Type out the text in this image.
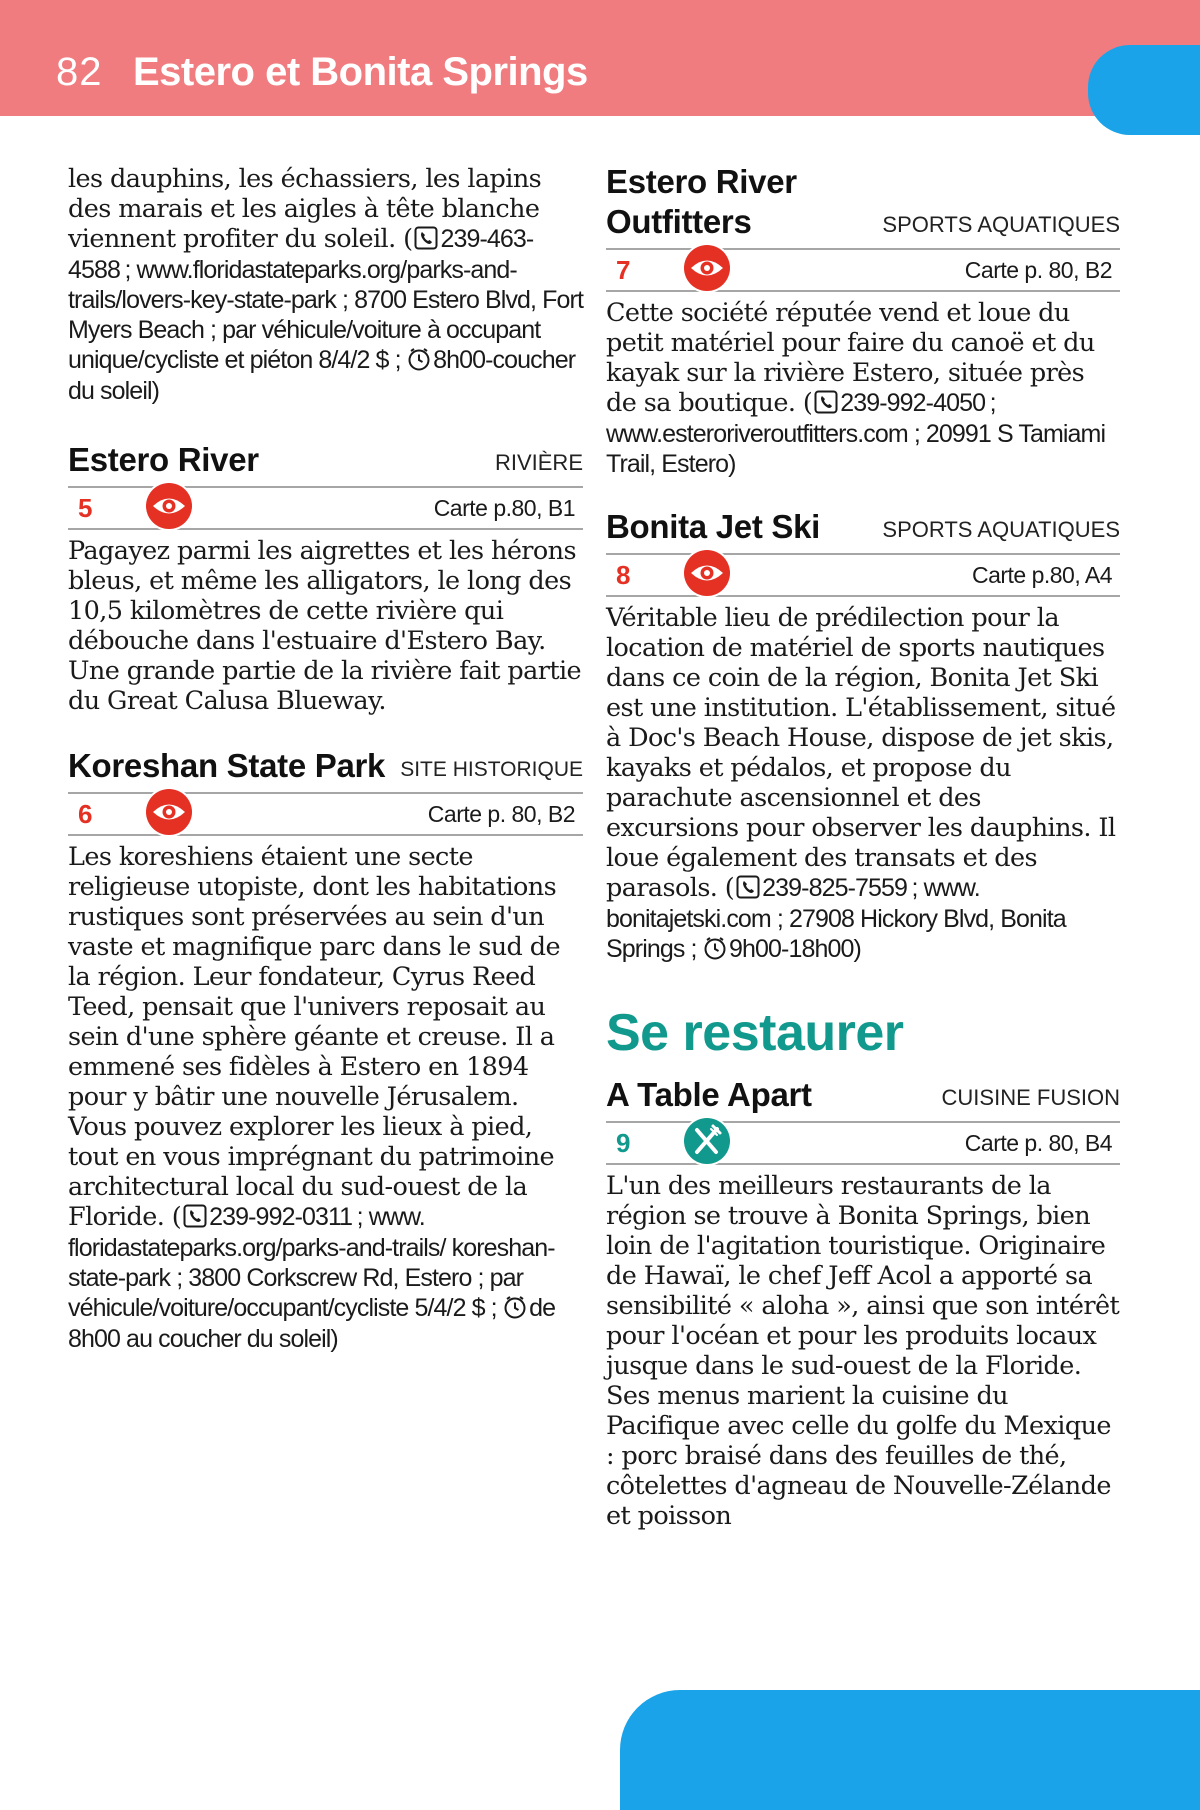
82 Estero et Bonita Springs

les dauphins, les échassiers, les lapins des marais et les aigles à tête blanche viennent profiter du soleil.

( 239-463-4588 ; www.floridastateparks.org/parks-and-trails/lovers-key-state-park ; 8700 Estero Blvd, Fort Myers Beach ; par véhicule/voiture à occupant unique/cycliste et piéton 8/4/2 $ ; 8h00-coucher du soleil)
Estero River	RIVIÈRE
5	Carte p.80, B1

Pagayez parmi les aigrettes et les hérons bleus, et même les alligators, le long des 10,5 kilomètres de cette rivière qui débouche dans l'estuaire d'Estero Bay. Une grande partie de la rivière fait partie du Great Calusa Blueway.

Koreshan State Park SITE HISTORIQUE
6	Carte p. 80, B2
Les koreshiens étaient une secte religieuse utopiste, dont les habitations rustiques sont préservées au sein d'un vaste et magnifique parc dans le sud de la région. Leur fondateur, Cyrus Reed Teed, pensait que l'univers reposait au sein d'une sphère géante et creuse. Il a emmené ses fidèles à Estero en 1894 pour y bâtir une nouvelle Jérusalem. Vous pouvez explorer les lieux à pied, tout en vous imprégnant du patrimoine architectural local du sud-ouest de la Floride. ( 239-992-0311 ; www. floridastateparks.org/parks-and-trails/ koreshan-state-park ; 3800 Corkscrew Rd, Estero ; par véhicule/voiture/occupant/cycliste 5/4/2 $ ; de 8h00 au coucher du soleil)
Estero River
Outfitters	SPORTS AQUATIQUES
7	Carte p. 80, B2
Cette société réputée vend et loue du petit matériel pour faire du canoë et du kayak sur la rivière Estero, située près de sa boutique. ( 239-992-4050 ; www.esteroriveroutfitters.com ; 20991 S Tamiami Trail, Estero)
Bonita Jet Ski	SPORTS AQUATIQUES
8	Carte p.80, A4
Véritable lieu de prédilection pour la location de matériel de sports nautiques dans ce coin de la région, Bonita Jet Ski est une institution. L'établissement, situé à Doc's Beach House, dispose de jet skis, kayaks et pédalos, et propose du parachute ascensionnel et des excursions pour observer les dauphins. Il loue également des transats et des parasols. ( 239-825-7559 ; www. bonitajetski.com ; 27908 Hickory Blvd, Bonita Springs ; 9h00-18h00)
Se restaurer
A Table Apart	CUISINE FUSION
9	Carte p. 80, B4

L'un des meilleurs restaurants de la région se trouve à Bonita Springs, bien loin de l'agitation touristique. Originaire de Hawaï, le chef Jeff Acol a apporté sa sensibilité « aloha », ainsi que son intérêt pour l'océan et pour les produits locaux jusque dans le sud-ouest de la Floride. Ses menus marient la cuisine du Pacifique avec celle du golfe du Mexique : porc braisé dans des feuilles de thé, côtelettes d'agneau de Nouvelle-Zélande et poisson
